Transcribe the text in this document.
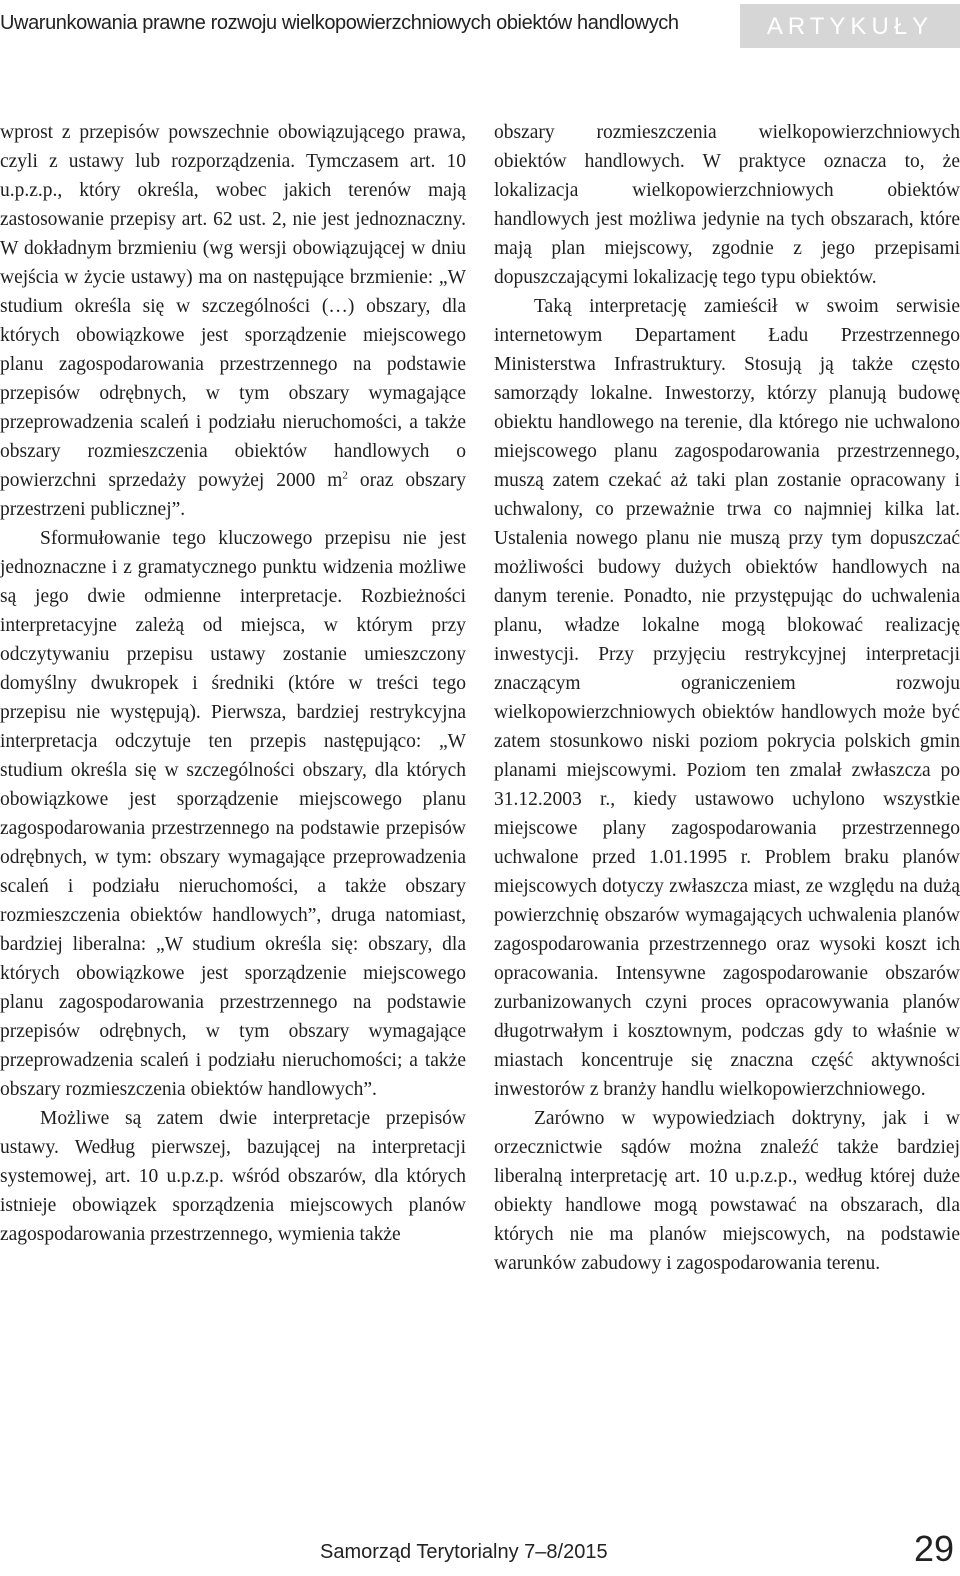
Uwarunkowania prawne rozwoju wielkopowierzchniowych obiektów handlowych	ARTYKUŁY

wprost z przepisów powszechnie obowiązującego prawa, czyli z ustawy lub rozporządzenia. Tymczasem art. 10 u.p.z.p., który określa, wobec jakich terenów mają zastosowanie przepisy art. 62 ust. 2, nie jest jednoznaczny. W dokładnym brzmieniu (wg wersji obowiązującej w dniu wejścia w życie ustawy) ma on następujące brzmienie: „W studium określa się w szczególności (…) obszary, dla których obowiązkowe jest sporządzenie miejscowego planu zagospodarowania przestrzennego na podstawie przepisów odrębnych, w tym obszary wymagające przeprowadzenia scaleń i podziału nieruchomości, a także obszary rozmieszczenia obiektów handlowych o powierzchni sprzedaży powyżej 2000 $m^2$ oraz obszary przestrzeni publicznej”.

Sformułowanie tego kluczowego przepisu nie jest jednoznaczne i z gramatycznego punktu widzenia możliwe są jego dwie odmienne interpretacje. Rozbieżności interpretacyjne zależą od miejsca, w którym przy odczytywaniu przepisu ustawy zostanie umieszczony domyślny dwukropek i średniki (które w treści tego przepisu nie występują). Pierwsza, bardziej restrykcyjna interpretacja odczytuje ten przepis następująco: „W studium określa się w szczególności obszary, dla których obowiązkowe jest sporządzenie miejscowego planu zagospodarowania przestrzennego na podstawie przepisów odrębnych, w tym: obszary wymagające przeprowadzenia scaleń i podziału nieruchomości, a także obszary rozmieszczenia obiektów handlowych”, druga natomiast, bardziej liberalna: „W studium określa się: obszary, dla których obowiązkowe jest sporządzenie miejscowego planu zagospodarowania przestrzennego na podstawie przepisów odrębnych, w tym obszary wymagające przeprowadzenia scaleń i podziału nieruchomości; a także obszary rozmieszczenia obiektów handlowych”.

Możliwe są zatem dwie interpretacje przepisów ustawy. Według pierwszej, bazującej na interpretacji systemowej, art. 10 u.p.z.p. wśród obszarów, dla których istnieje obowiązek sporządzenia miejscowych planów zagospodarowania przestrzennego, wymienia także

obszary rozmieszczenia wielkopowierzchniowych obiektów handlowych. W praktyce oznacza to, że lokalizacja wielkopowierzchniowych obiektów handlowych jest możliwa jedynie na tych obszarach, które mają plan miejscowy, zgodnie z jego przepisami dopuszczającymi lokalizację tego typu obiektów.

Taką interpretację zamieścił w swoim serwisie internetowym Departament Ładu Przestrzennego Ministerstwa Infrastruktury. Stosują ją także często samorządy lokalne. Inwestorzy, którzy planują budowę obiektu handlowego na terenie, dla którego nie uchwalono miejscowego planu zagospodarowania przestrzennego, muszą zatem czekać aż taki plan zostanie opracowany i uchwalony, co przeważnie trwa co najmniej kilka lat. Ustalenia nowego planu nie muszą przy tym dopuszczać możliwości budowy dużych obiektów handlowych na danym terenie. Ponadto, nie przystępując do uchwalenia planu, władze lokalne mogą blokować realizację inwestycji. Przy przyjęciu restrykcyjnej interpretacji znaczącym ograniczeniem rozwoju wielkopowierzchniowych obiektów handlowych może być zatem stosunkowo niski poziom pokrycia polskich gmin planami miejscowymi. Poziom ten zmalał zwłaszcza po 31.12.2003 r., kiedy ustawowo uchylono wszystkie miejscowe plany zagospodarowania przestrzennego uchwalone przed 1.01.1995 r. Problem braku planów miejscowych dotyczy zwłaszcza miast, ze względu na dużą powierzchnię obszarów wymagających uchwalenia planów zagospodarowania przestrzennego oraz wysoki koszt ich opracowania. Intensywne zagospodarowanie obszarów zurbanizowanych czyni proces opracowywania planów długotrwałym i kosztownym, podczas gdy to właśnie w miastach koncentruje się znaczna część aktywności inwestorów z branży handlu wielkopowierzchniowego.

Zarówno w wypowiedziach doktryny, jak i w orzecznictwie sądów można znaleźć także bardziej liberalną interpretację art. 10 u.p.z.p., według której duże obiekty handlowe mogą powstawać na obszarach, dla których nie ma planów miejscowych, na podstawie warunków zabudowy i zagospodarowania terenu.

Samorząd Terytorialny 7–8/2015	29
